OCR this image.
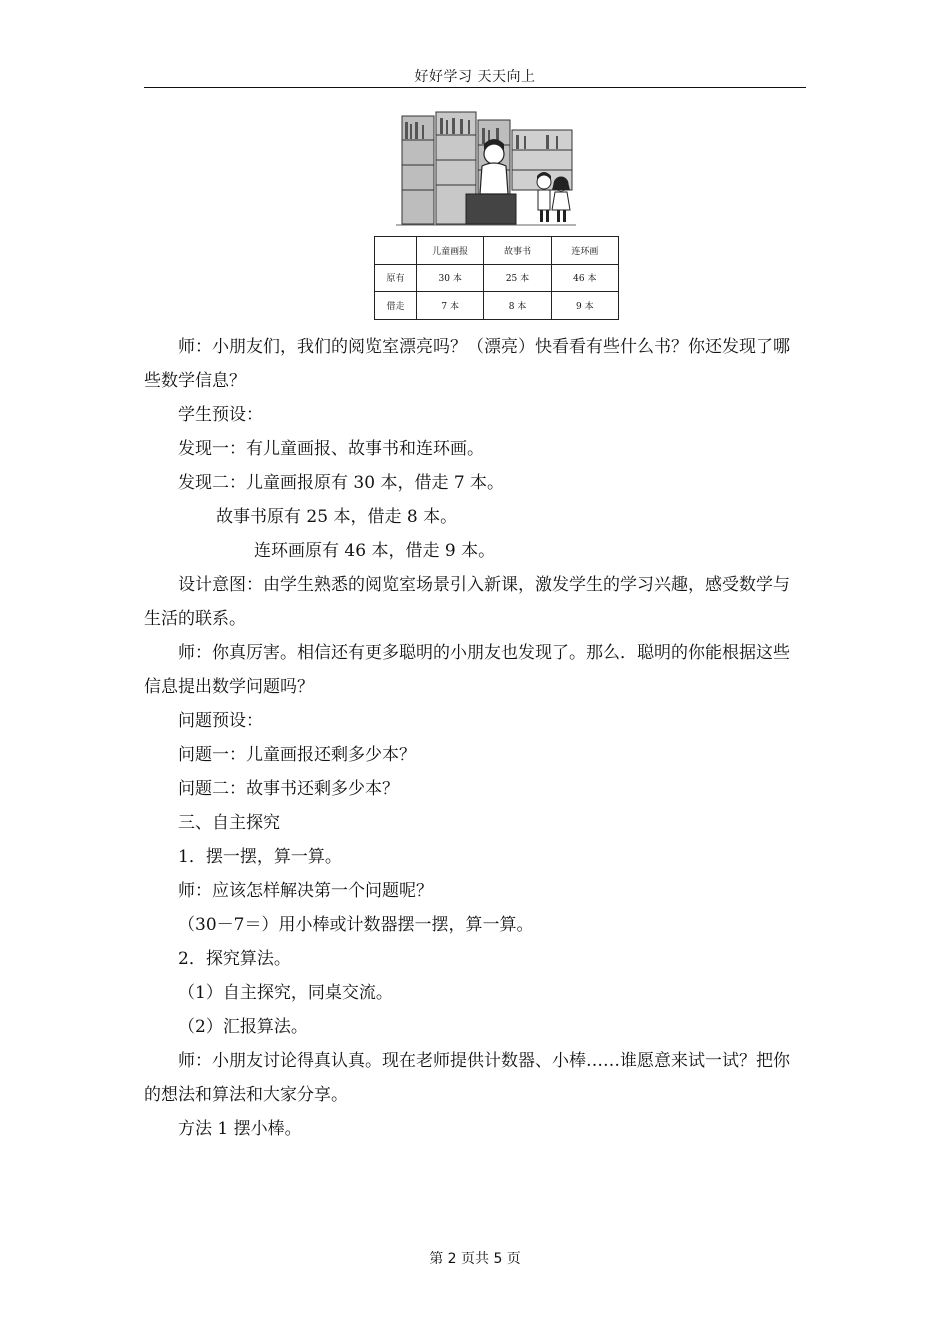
好好学习 天天向上
	儿童画报	故事书	连环画
原有	30 本	25 本	46 本
借走	7 本	8 本	9 本

师：小朋友们，我们的阅览室漂亮吗？（漂亮）快看看有些什么书？你还发现了哪些数学信息？

学生预设：

发现一：有儿童画报、故事书和连环画。

发现二：儿童画报原有 30 本，借走 7 本。

故事书原有 25 本，借走 8 本。

连环画原有 46 本，借走 9 本。

设计意图：由学生熟悉的阅览室场景引入新课，激发学生的学习兴趣，感受数学与生活的联系。

师：你真厉害。相信还有更多聪明的小朋友也发现了。那么．聪明的你能根据这些信息提出数学问题吗？

问题预设：

问题一：儿童画报还剩多少本？

问题二：故事书还剩多少本？

三、自主探究

1．摆一摆，算一算。

师：应该怎样解决第一个问题呢？

（30－7＝）用小棒或计数器摆一摆，算一算。

2．探究算法。

（1）自主探究，同桌交流。

（2）汇报算法。

师：小朋友讨论得真认真。现在老师提供计数器、小棒……谁愿意来试一试？把你的想法和算法和大家分享。

方法 1 摆小棒。

第 2 页共 5 页
